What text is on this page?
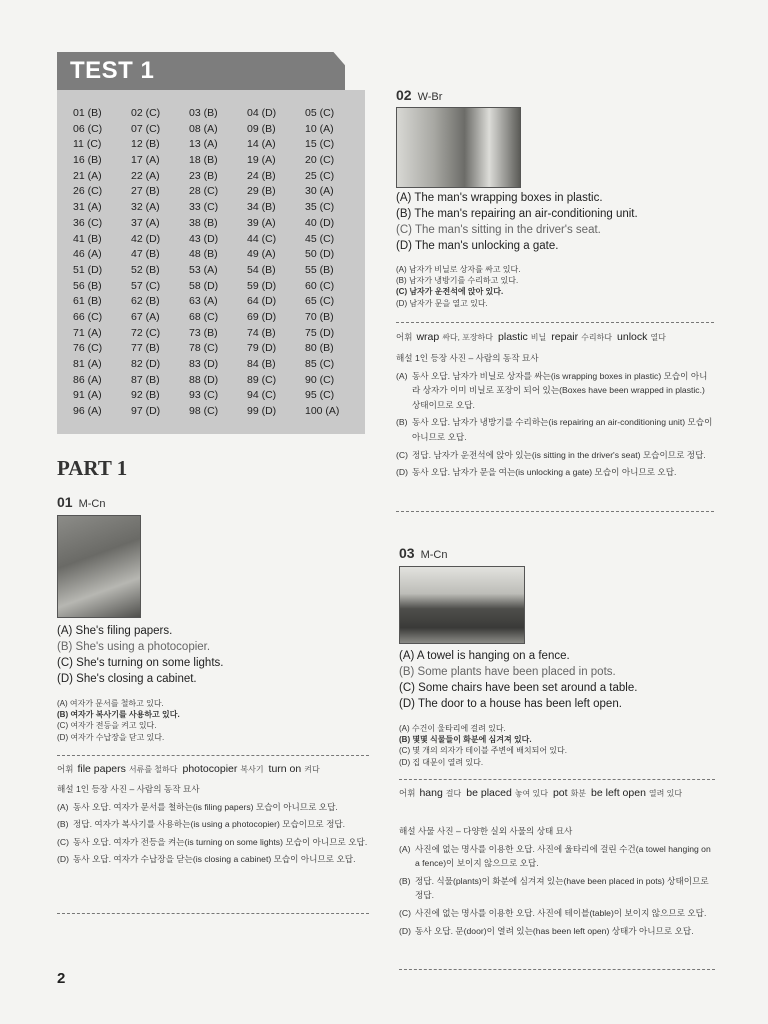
TEST 1
01 (B)	02 (C)	03 (B)	04 (D)	05 (C)
06 (C)	07 (C)	08 (A)	09 (B)	10 (A)
11 (C)	12 (B)	13 (A)	14 (A)	15 (C)
16 (B)	17 (A)	18 (B)	19 (A)	20 (C)
21 (A)	22 (A)	23 (B)	24 (B)	25 (C)
26 (C)	27 (B)	28 (C)	29 (B)	30 (A)
31 (A)	32 (A)	33 (C)	34 (B)	35 (C)
36 (C)	37 (A)	38 (B)	39 (A)	40 (D)
41 (B)	42 (D)	43 (D)	44 (C)	45 (C)
46 (A)	47 (B)	48 (B)	49 (A)	50 (D)
51 (D)	52 (B)	53 (A)	54 (B)	55 (B)
56 (B)	57 (C)	58 (D)	59 (D)	60 (C)
61 (B)	62 (B)	63 (A)	64 (D)	65 (C)
66 (C)	67 (A)	68 (C)	69 (D)	70 (B)
71 (A)	72 (C)	73 (B)	74 (B)	75 (D)
76 (C)	77 (B)	78 (C)	79 (D)	80 (B)
81 (A)	82 (D)	83 (D)	84 (B)	85 (C)
86 (A)	87 (B)	88 (D)	89 (C)	90 (C)
91 (A)	92 (B)	93 (C)	94 (C)	95 (C)
96 (A)	97 (D)	98 (C)	99 (D)	100 (A)
PART 1
01 M-Cn
(A) She's filing papers.
(B) She's using a photocopier.
(C) She's turning on some lights.
(D) She's closing a cabinet.
(A) 여자가 문서를 철하고 있다.
(B) 여자가 복사기를 사용하고 있다.
(C) 여자가 전등을 켜고 있다.
(D) 여자가 수납장을 닫고 있다.
어휘 file papers 서류를 철하다 photocopier 복사기 turn on 켜다
해설 1인 등장 사진 – 사람의 동작 묘사
(A) 동사 오답. 여자가 문서를 철하는(is filing papers) 모습이 아니므로 오답.
(B) 정답. 여자가 복사기를 사용하는(is using a photocopier) 모습이므로 정답.
(C) 동사 오답. 여자가 전등을 켜는(is turning on some lights) 모습이 아니므로 오답.
(D) 동사 오답. 여자가 수납장을 닫는(is closing a cabinet) 모습이 아니므로 오답.
02 W-Br
(A) The man's wrapping boxes in plastic.
(B) The man's repairing an air-conditioning unit.
(C) The man's sitting in the driver's seat.
(D) The man's unlocking a gate.
(A) 남자가 비닐로 상자를 싸고 있다.
(B) 남자가 냉방기를 수리하고 있다.
(C) 남자가 운전석에 앉아 있다.
(D) 남자가 문을 열고 있다.
어휘 wrap 싸다, 포장하다 plastic 비닐 repair 수리하다 unlock 열다
해설 1인 등장 사진 – 사람의 동작 묘사
(A) 동사 오답. 남자가 비닐로 상자를 싸는(is wrapping boxes in plastic) 모습이 아니라 상자가 이미 비닐로 포장이 되어 있는(Boxes have been wrapped in plastic.) 상태이므로 오답.
(B) 동사 오답. 남자가 냉방기를 수리하는(is repairing an air-conditioning unit) 모습이 아니므로 오답.
(C) 정답. 남자가 운전석에 앉아 있는(is sitting in the driver's seat) 모습이므로 정답.
(D) 동사 오답. 남자가 문을 여는(is unlocking a gate) 모습이 아니므로 오답.
03 M-Cn
(A) A towel is hanging on a fence.
(B) Some plants have been placed in pots.
(C) Some chairs have been set around a table.
(D) The door to a house has been left open.
(A) 수건이 울타리에 걸려 있다.
(B) 몇몇 식물들이 화분에 심겨져 있다.
(C) 몇 개의 의자가 테이블 주변에 배치되어 있다.
(D) 집 대문이 열려 있다.
어휘 hang 걸다 be placed 놓여 있다 pot 화분 be left open 열려 있다
해설 사물 사진 – 다양한 실외 사물의 상태 묘사
(A) 사진에 없는 명사를 이용한 오답. 사진에 울타리에 걸린 수건(a towel hanging on a fence)이 보이지 않으므로 오답.
(B) 정답. 식물(plants)이 화분에 심겨져 있는(have been placed in pots) 상태이므로 정답.
(C) 사진에 없는 명사를 이용한 오답. 사진에 테이블(table)이 보이지 않으므로 오답.
(D) 동사 오답. 문(door)이 열려 있는(has been left open) 상태가 아니므로 오답.
2
